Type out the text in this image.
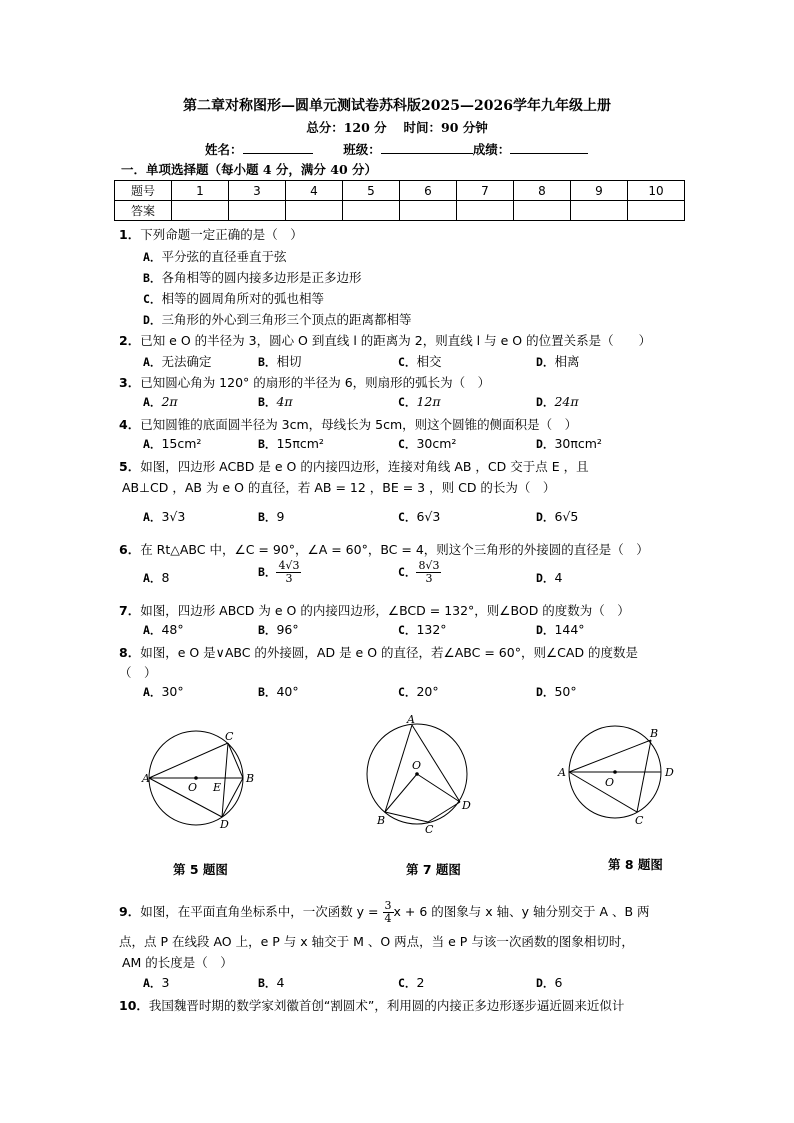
第二章对称图形—圆单元测试卷苏科版2025—2026学年九年级上册
总分：120 分　 时间：90 分钟
姓名：	班级：	成绩：
一．单项选择题（每小题 4 分，满分 40 分）
题号	1	3	4	5	6	7	8	9	10
答案									
1．下列命题一定正确的是（　）
A．平分弦的直径垂直于弦
B．各角相等的圆内接多边形是正多边形
C．相等的圆周角所对的弧也相等
D．三角形的外心到三角形三个顶点的距离都相等
2．已知 e O 的半径为 3，圆心 O 到直线 l 的距离为 2，则直线 l 与 e O 的位置关系是（　　）
A．无法确定	B．相切	C．相交	D．相离
3．已知圆心角为 120° 的扇形的半径为 6，则扇形的弧长为（　）
A．2π	B．4π	C．12π	D．24π
4．已知圆锥的底面圆半径为 3cm，母线长为 5cm，则这个圆锥的侧面积是（　）
A．15cm²	B．15πcm²	C．30cm²	D．30πcm²
5．如图，四边形 ACBD 是 e O 的内接四边形，连接对角线 AB ，CD 交于点 E ，且
AB⊥CD ，AB 为 e O 的直径，若 AB = 12 ，BE = 3 ，则 CD 的长为（　）
A．3√3	B．9	C．6√3	D．6√5
6．在 Rt△ABC 中，∠C = 90°，∠A = 60°，BC = 4，则这个三角形的外接圆的直径是（　）
A．8	B． $\frac{4√3}{3}$	C． $\frac{8√3}{3}$	D．4
7．如图，四边形 ABCD 为 e O 的内接四边形，∠BCD = 132°，则∠BOD 的度数为（　）
A．48°	B．96°	C．132°	D．144°
8．如图，e O 是∨ABC 的外接圆，AD 是 e O 的直径，若∠ABC = 60°，则∠CAD 的度数是
（　）
A．30°	B．40°	C．20°	D．50°
A	B
C
D
O E
第 5 题图
A
B
C
D
O
第 7 题图
A
B
C
D
O
第 8 题图
9．如图，在平面直角坐标系中，一次函数 $y = \frac{3}{4}$ x + 6 的图象与 x 轴、y 轴分别交于 A 、B 两
点，点 P 在线段 AO 上，e P 与 x 轴交于 M 、O 两点，当 e P 与该一次函数的图象相切时，
AM 的长度是（　）
A．3	B．4	C．2	D．6
10．我国魏晋时期的数学家刘徽首创“割圆术”，利用圆的内接正多边形逐步逼近圆来近似计
